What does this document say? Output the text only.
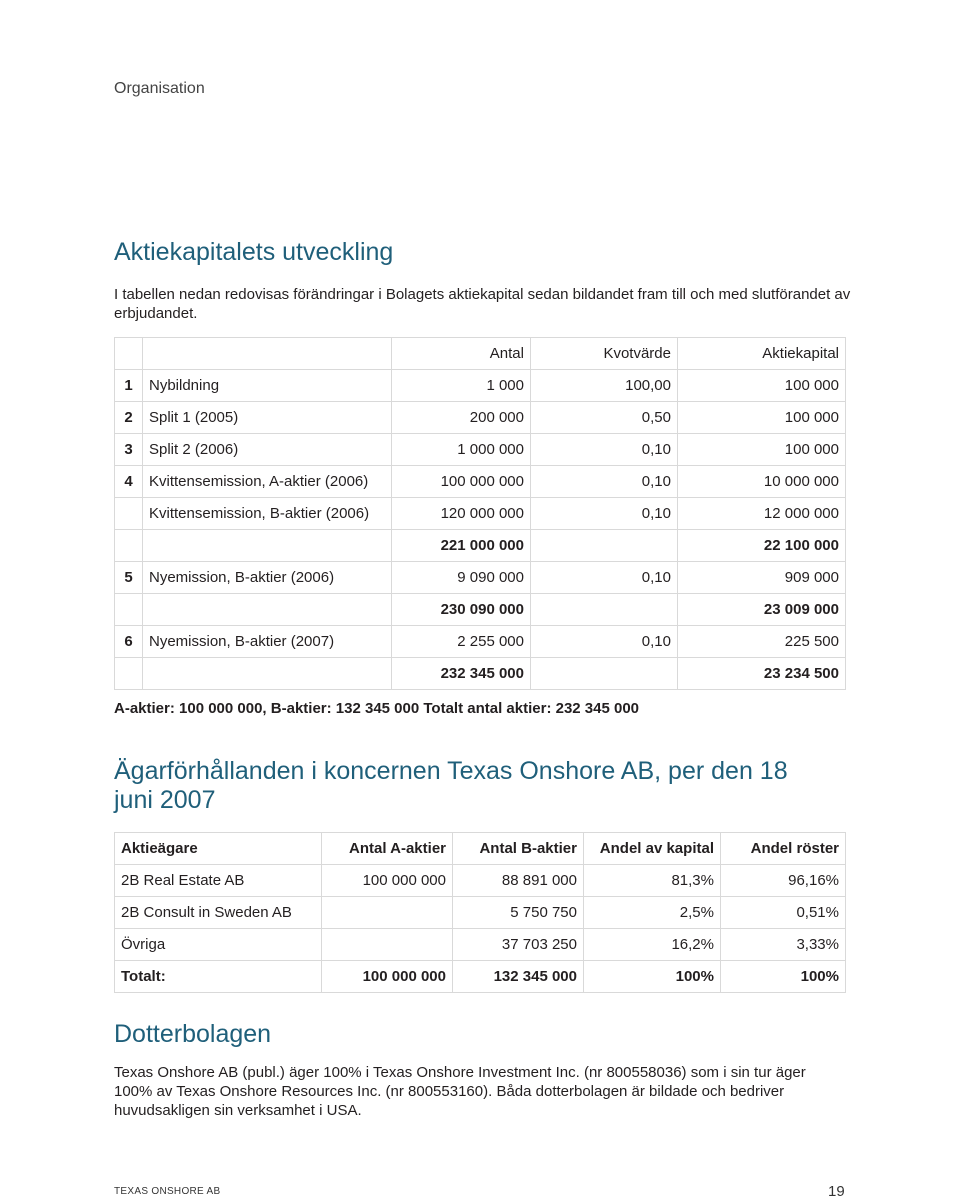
Organisation
Aktiekapitalets utveckling
I tabellen nedan redovisas förändringar i Bolagets aktiekapital sedan bildandet fram till och med slutförandet av erbjudandet.
		Antal	Kvotvärde	Aktiekapital
1	Nybildning	1 000	100,00	100 000
2	Split 1 (2005)	200 000	0,50	100 000
3	Split 2 (2006)	1 000 000	0,10	100 000
4	Kvittensemission, A-aktier (2006)	100 000 000	0,10	10 000 000
	Kvittensemission, B-aktier (2006)	120 000 000	0,10	12 000 000
		221 000 000		22 100 000
5	Nyemission, B-aktier (2006)	9 090 000	0,10	909 000
		230 090 000		23 009 000
6	Nyemission, B-aktier (2007)	2 255 000	0,10	225 500
		232 345 000		23 234 500
A-aktier: 100 000 000, B-aktier: 132 345 000 Totalt antal aktier: 232 345 000
Ägarförhållanden i koncernen Texas Onshore AB, per den 18 juni 2007
Aktieägare	Antal A-aktier	Antal B-aktier	Andel av kapital	Andel röster
2B Real Estate AB	100 000 000	88 891 000	81,3%	96,16%
2B Consult in Sweden AB		5 750 750	2,5%	0,51%
Övriga		37 703 250	16,2%	3,33%
Totalt:	100 000 000	132 345 000	100%	100%
Dotterbolagen
Texas Onshore AB (publ.) äger 100% i Texas Onshore Investment Inc. (nr 800558036) som i sin tur äger 100% av Texas Onshore Resources Inc. (nr 800553160). Båda dotterbolagen är bildade och bedriver huvudsakligen sin verksamhet i USA.
TEXAS ONSHORE AB	19
